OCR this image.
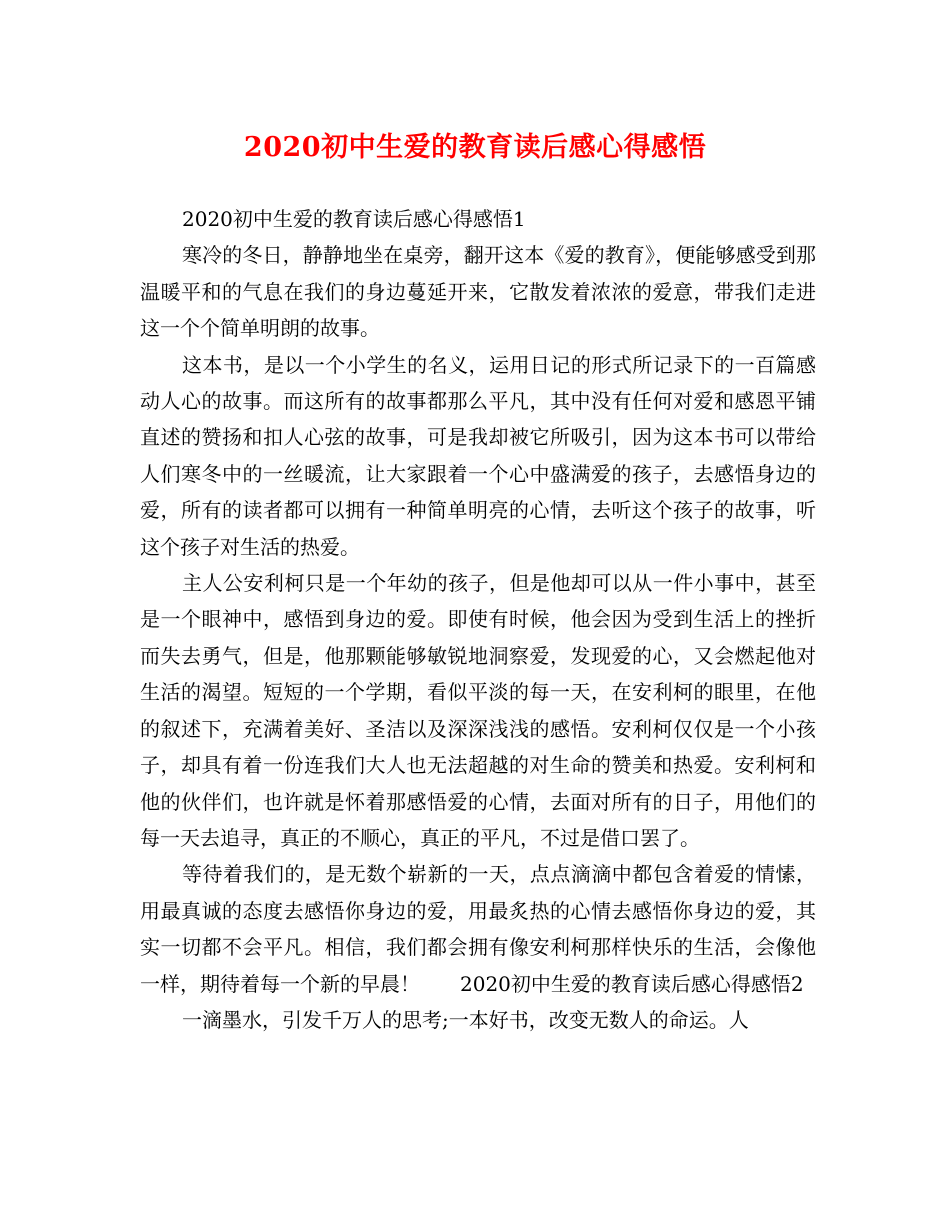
2020初中生爱的教育读后感心得感悟

2020初中生爱的教育读后感心得感悟1

寒冷的冬日，静静地坐在桌旁，翻开这本《爱的教育》，便能够感受到那温暖平和的气息在我们的身边蔓延开来，它散发着浓浓的爱意，带我们走进这一个个简单明朗的故事。

这本书，是以一个小学生的名义，运用日记的形式所记录下的一百篇感动人心的故事。而这所有的故事都那么平凡，其中没有任何对爱和感恩平铺直述的赞扬和扣人心弦的故事，可是我却被它所吸引，因为这本书可以带给人们寒冬中的一丝暖流，让大家跟着一个心中盛满爱的孩子，去感悟身边的爱，所有的读者都可以拥有一种简单明亮的心情，去听这个孩子的故事，听这个孩子对生活的热爱。

主人公安利柯只是一个年幼的孩子，但是他却可以从一件小事中，甚至是一个眼神中，感悟到身边的爱。即使有时候，他会因为受到生活上的挫折而失去勇气，但是，他那颗能够敏锐地洞察爱，发现爱的心，又会燃起他对生活的渴望。短短的一个学期，看似平淡的每一天，在安利柯的眼里，在他的叙述下，充满着美好、圣洁以及深深浅浅的感悟。安利柯仅仅是一个小孩子，却具有着一份连我们大人也无法超越的对生命的赞美和热爱。安利柯和他的伙伴们，也许就是怀着那感悟爱的心情，去面对所有的日子，用他们的每一天去追寻，真正的不顺心，真正的平凡，不过是借口罢了。

等待着我们的，是无数个崭新的一天，点点滴滴中都包含着爱的情愫，用最真诚的态度去感悟你身边的爱，用最炙热的心情去感悟你身边的爱，其实一切都不会平凡。相信，我们都会拥有像安利柯那样快乐的生活，会像他一样，期待着每一个新的早晨！　　2020初中生爱的教育读后感心得感悟2

一滴墨水，引发千万人的思考;一本好书，改变无数人的命运。人
